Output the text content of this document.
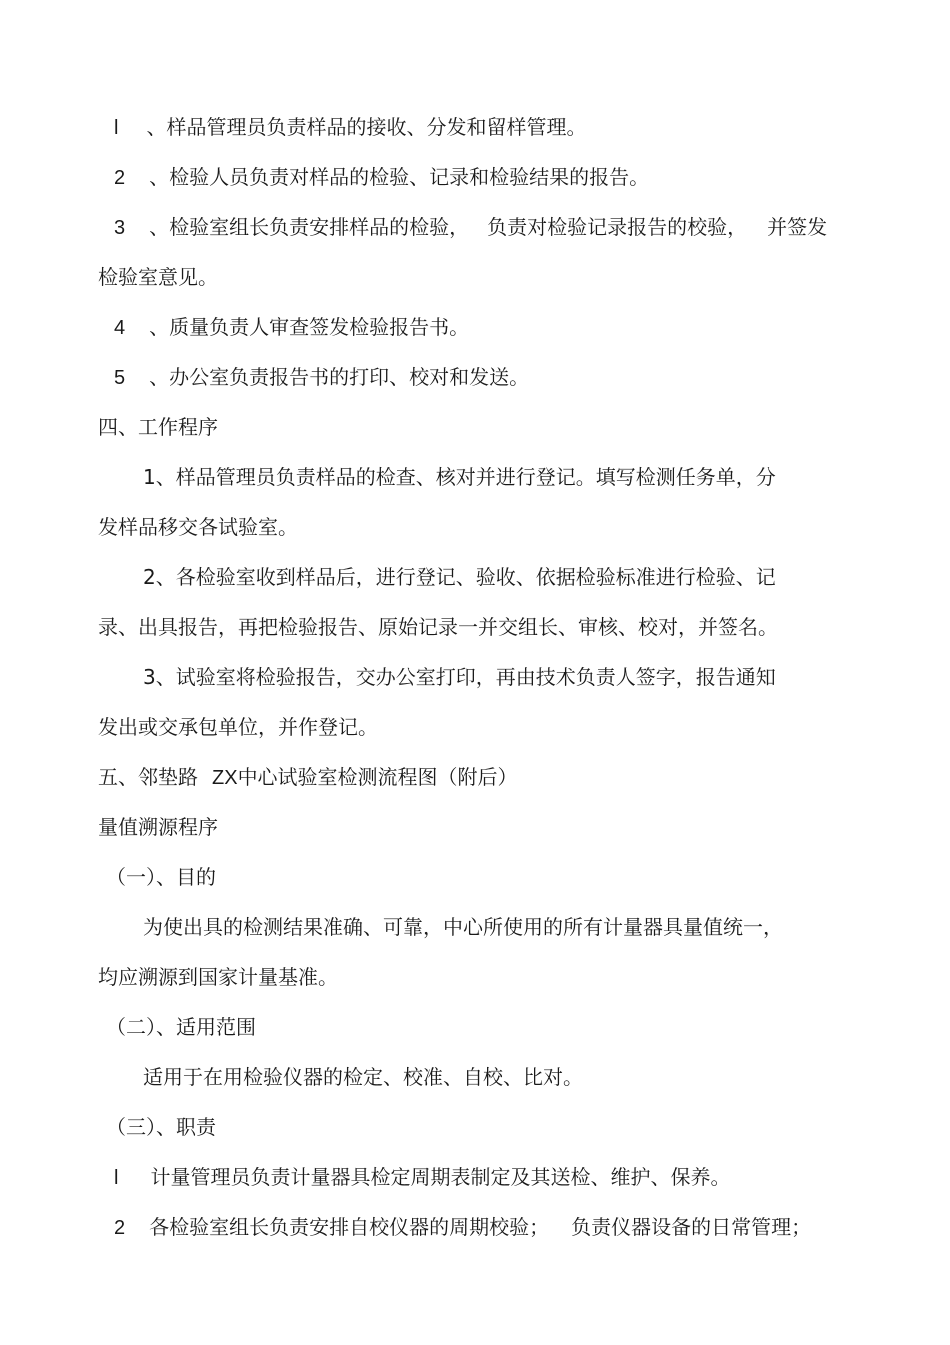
l 、样品管理员负责样品的接收、分发和留样管理。
2 、检验人员负责对样品的检验、记录和检验结果的报告。
3 、检验室组长负责安排样品的检验， 负责对检验记录报告的校验， 并签发
检验室意见。
4 、质量负责人审查签发检验报告书。
5 、办公室负责报告书的打印、校对和发送。
四、工作程序
1、样品管理员负责样品的检查、核对并进行登记。填写检测任务单，分
发样品移交各试验室。
2、各检验室收到样品后，进行登记、验收、依据检验标准进行检验、记
录、出具报告，再把检验报告、原始记录一并交组长、审核、校对，并签名。
3、试验室将检验报告，交办公室打印，再由技术负责人签字，报告通知
发出或交承包单位，并作登记。
五、邻垫路 ZX中心试验室检测流程图（附后）
量值溯源程序
（一）、目的
为使出具的检测结果准确、可靠，中心所使用的所有计量器具量值统一，
均应溯源到国家计量基准。
（二）、适用范围
适用于在用检验仪器的检定、校准、自校、比对。
（三）、职责
l 计量管理员负责计量器具检定周期表制定及其送检、维护、保养。
2 各检验室组长负责安排自校仪器的周期校验； 负责仪器设备的日常管理；
